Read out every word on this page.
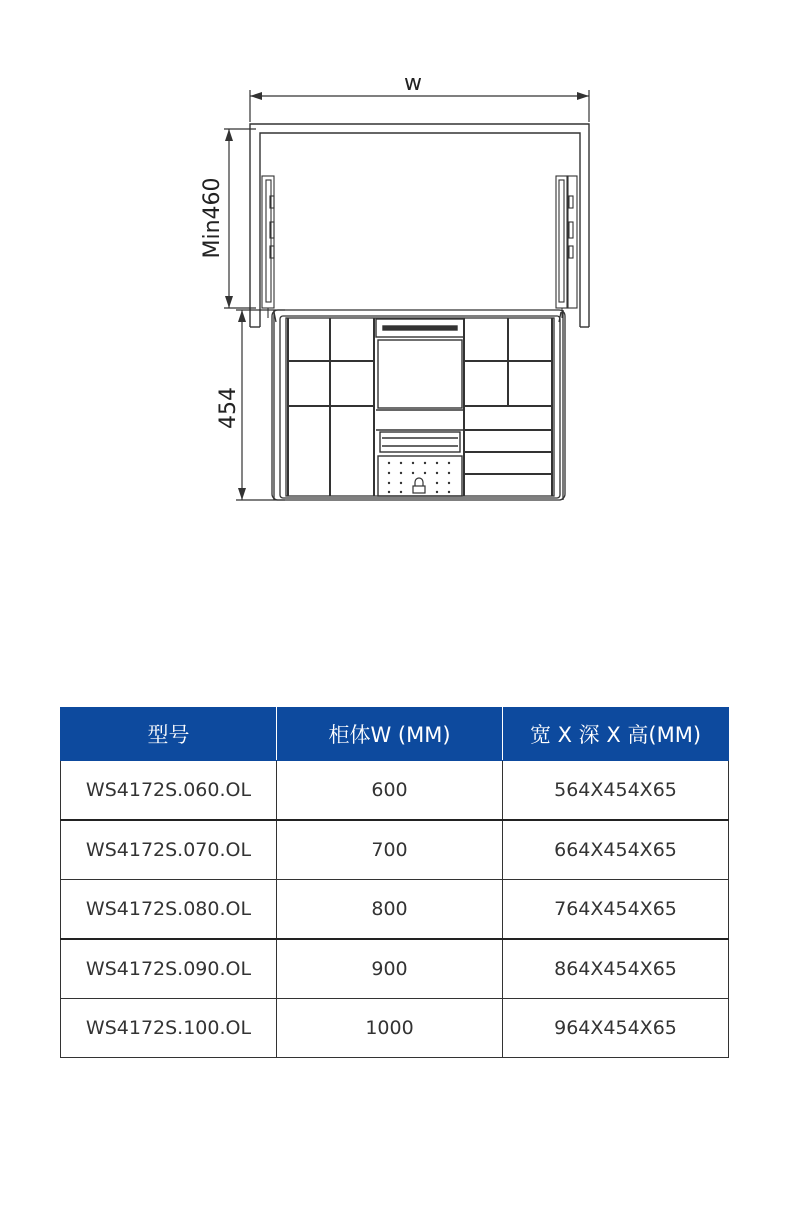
w
Min460
454
型号	柜体W (MM)	宽 X 深 X 高(MM)
WS4172S.060.OL	600	564X454X65
WS4172S.070.OL	700	664X454X65
WS4172S.080.OL	800	764X454X65
WS4172S.090.OL	900	864X454X65
WS4172S.100.OL	1000	964X454X65
